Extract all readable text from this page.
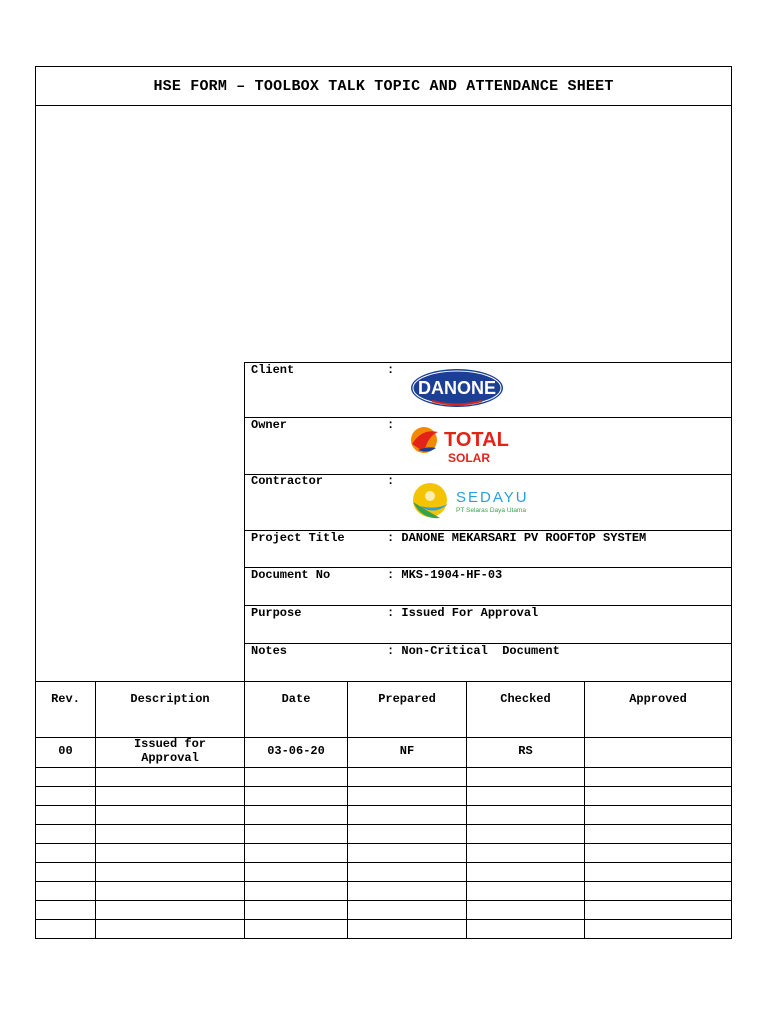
HSE FORM – TOOLBOX TALK TOPIC AND ATTENDANCE SHEET
Client	:
DANONE
Owner	:
TOTAL
SOLAR
Contractor	:
SEDAYU
PT Selaras Daya Utama
Project Title	: DANONE MEKARSARI PV ROOFTOP SYSTEM
Document No	: MKS-1904-HF-03
Purpose	: Issued For Approval
Notes	: Non-Critical  Document
Rev.	Description	Date	Prepared	Checked	Approved
00	Issued for Approval	03-06-20	NF	RS
